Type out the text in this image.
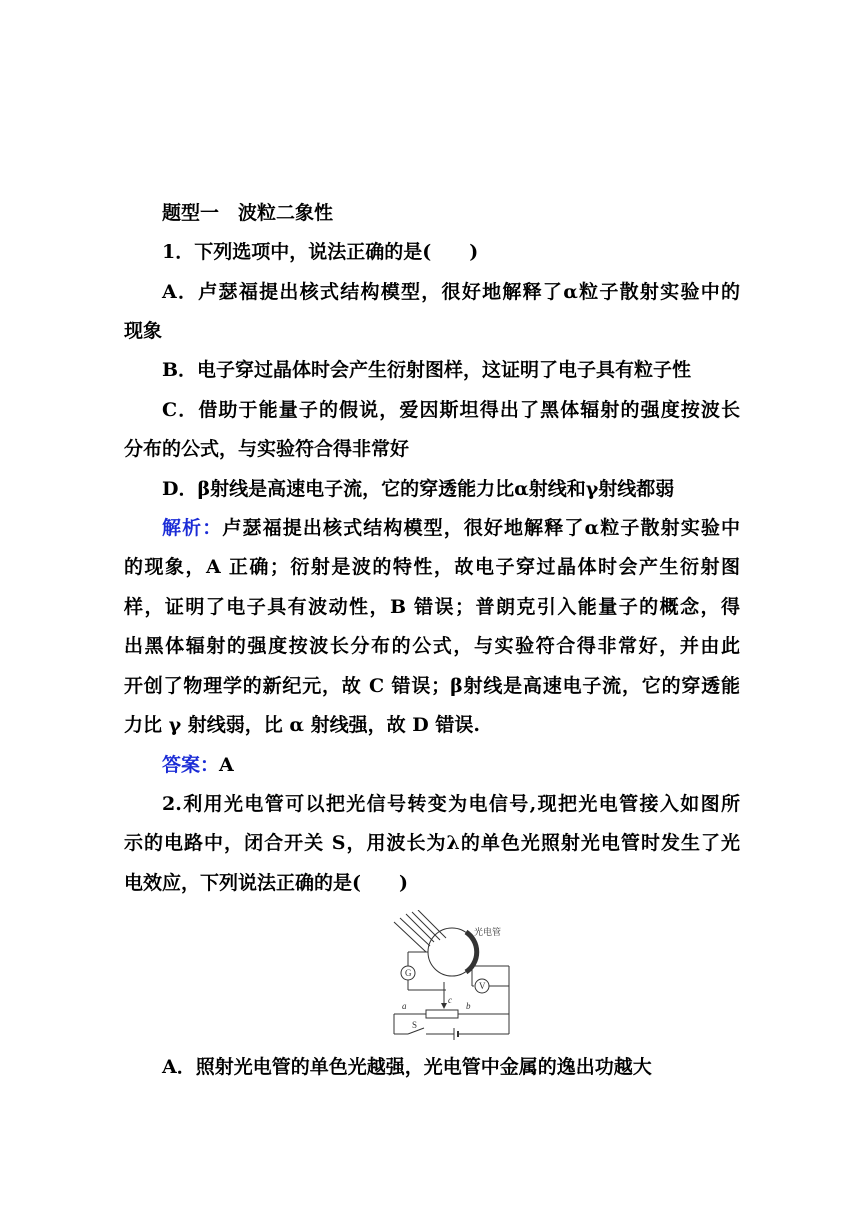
题型一　波粒二象性
1．下列选项中，说法正确的是(　　)
A．卢瑟福提出核式结构模型，很好地解释了α粒子散射实验中的
现象
B．电子穿过晶体时会产生衍射图样，这证明了电子具有粒子性
C．借助于能量子的假说，爱因斯坦得出了黑体辐射的强度按波长
分布的公式，与实验符合得非常好
D．β射线是高速电子流，它的穿透能力比α射线和γ射线都弱
解析：卢瑟福提出核式结构模型，很好地解释了α粒子散射实验中
的现象，A 正确；衍射是波的特性，故电子穿过晶体时会产生衍射图
样，证明了电子具有波动性，B 错误；普朗克引入能量子的概念，得
出黑体辐射的强度按波长分布的公式，与实验符合得非常好，并由此
开创了物理学的新纪元，故 C 错误；β射线是高速电子流，它的穿透能
力比 γ 射线弱，比 α 射线强，故 D 错误.
答案：A
2.利用光电管可以把光信号转变为电信号,现把光电管接入如图所
示的电路中，闭合开关 S，用波长为λ的单色光照射光电管时发生了光
电效应，下列说法正确的是(　　)
光电管
G
V
a
c
b
S
A．照射光电管的单色光越强，光电管中金属的逸出功越大
